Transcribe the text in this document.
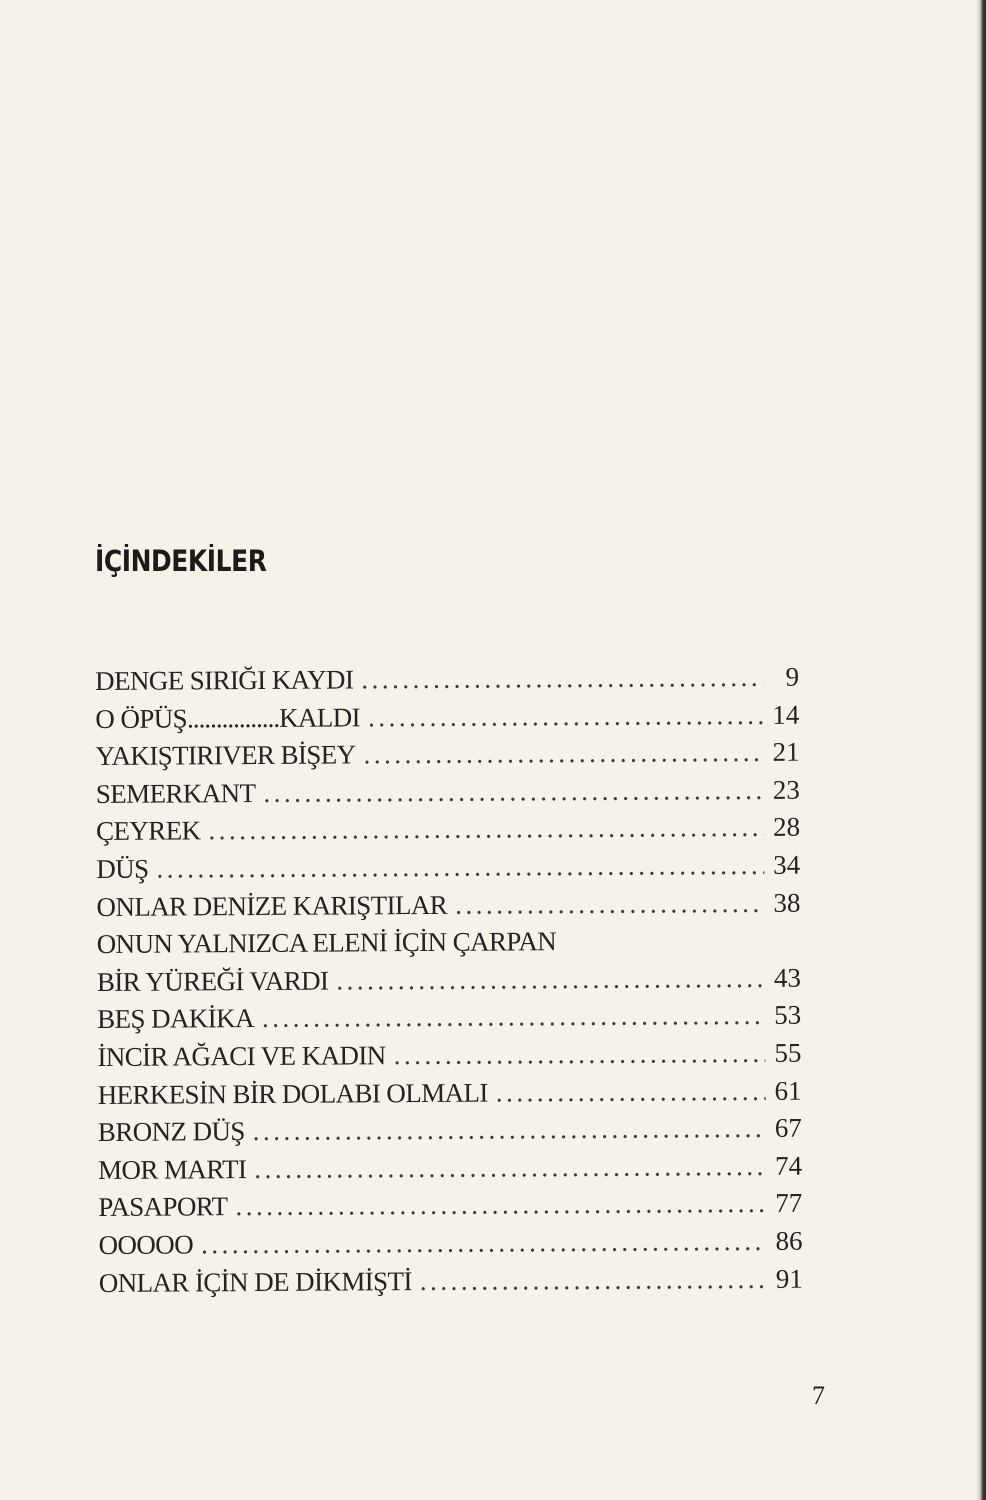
İÇİNDEKİLER
DENGE SIRIĞI KAYDI .....	9
O ÖPÜŞ................KALDI .....	14
YAKIŞTIRIVER BİŞEY .....	21
SEMERKANT .....	23
ÇEYREK .....	28
DÜŞ .....	34
ONLAR DENİZE KARIŞTILAR .....	38
ONUN YALNIZCA ELENİ İÇİN ÇARPAN
BİR YÜREĞİ VARDI .....	43
BEŞ DAKİKA .....	53
İNCİR AĞACI VE KADIN .....	55
HERKESİN BİR DOLABI OLMALI .....	61
BRONZ DÜŞ .....	67
MOR MARTI .....	74
PASAPORT .....	77
OOOOO .....	86
ONLAR İÇİN DE DİKMİŞTİ .....	91
7
